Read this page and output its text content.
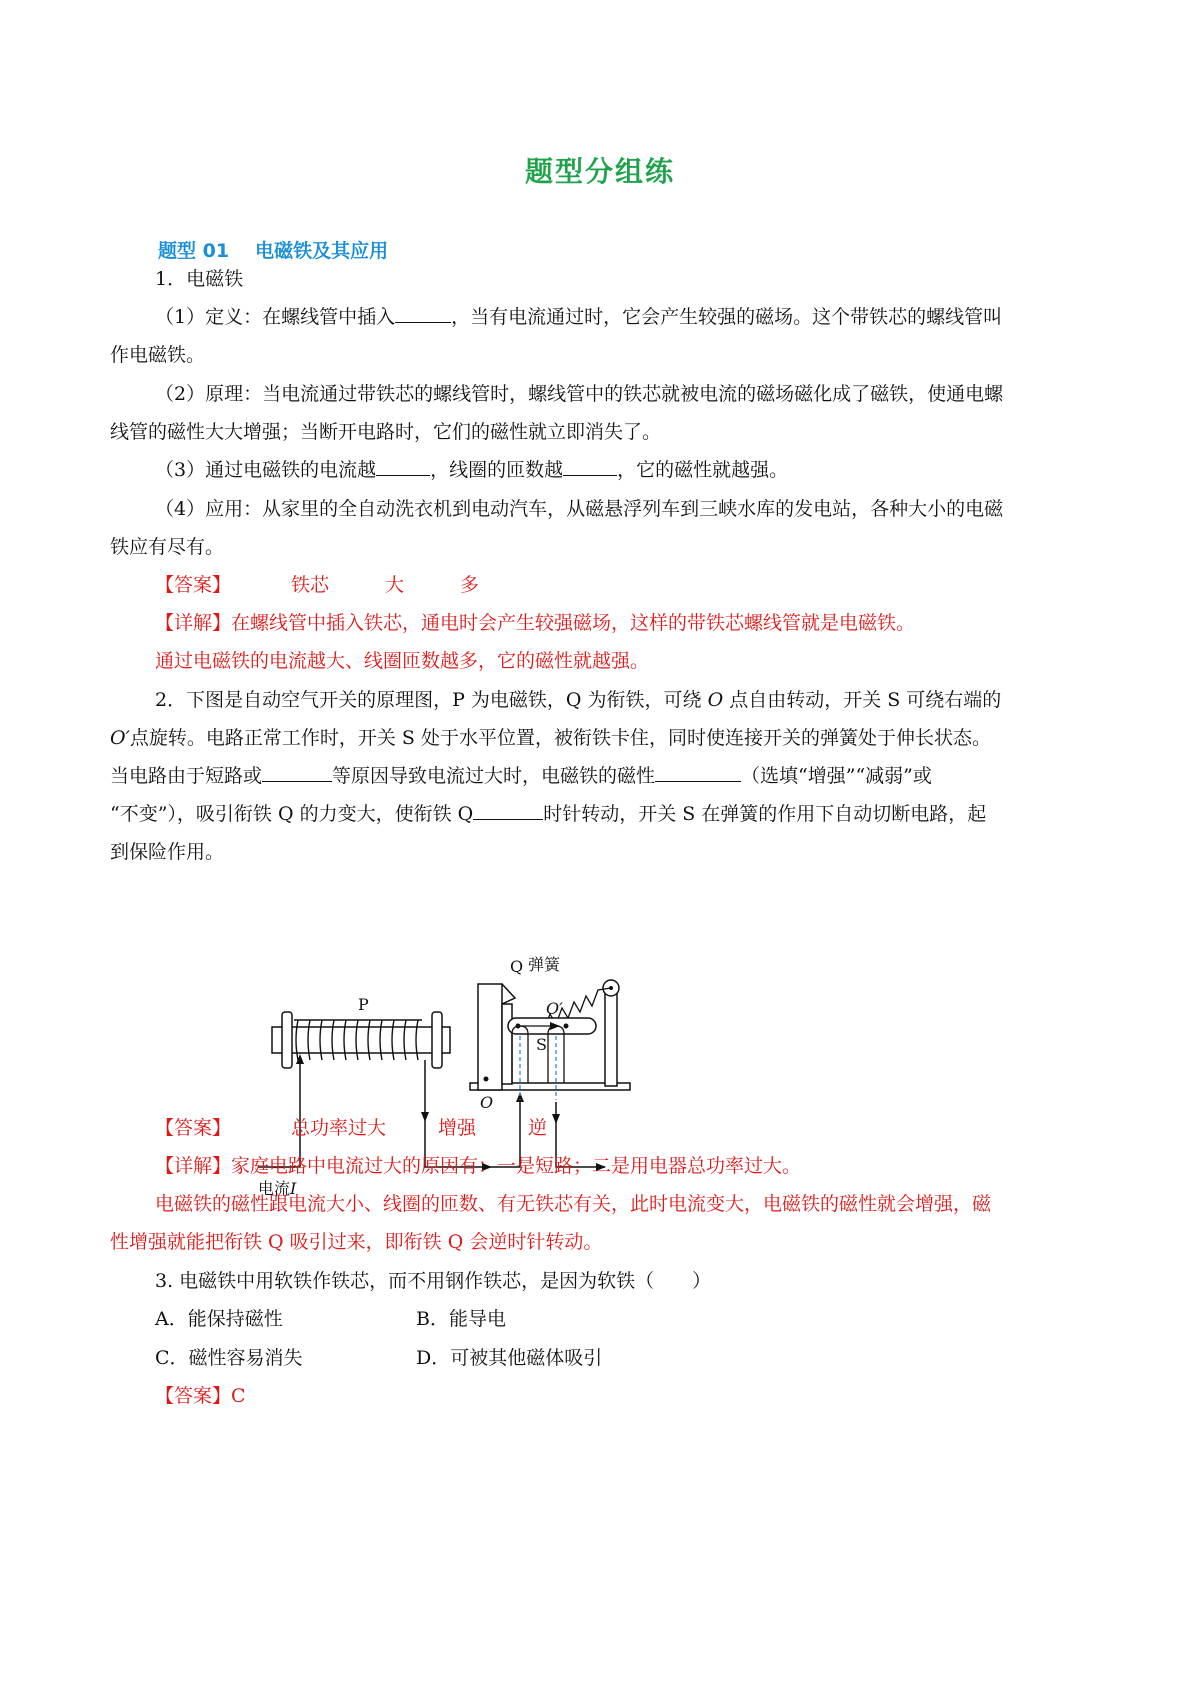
题型分组练
题型 01 电磁铁及其应用
1．电磁铁
（1）定义：在螺线管中插入	，当有电流通过时，它会产生较强的磁场。这个带铁芯的螺线管叫
作电磁铁。
（2）原理：当电流通过带铁芯的螺线管时，螺线管中的铁芯就被电流的磁场磁化成了磁铁，使通电螺
线管的磁性大大增强；当断开电路时，它们的磁性就立即消失了。
（3）通过电磁铁的电流越	，线圈的匝数越	，它的磁性就越强。
（4）应用：从家里的全自动洗衣机到电动汽车，从磁悬浮列车到三峡水库的发电站，各种大小的电磁
铁应有尽有。
【答案】	铁芯	大	多
【详解】在螺线管中插入铁芯，通电时会产生较强磁场，这样的带铁芯螺线管就是电磁铁。
通过电磁铁的电流越大、线圈匝数越多，它的磁性就越强。
2．下图是自动空气开关的原理图，P 为电磁铁，Q 为衔铁，可绕 O 点自由转动，开关 S 可绕右端的
O′点旋转。电路正常工作时，开关 S 处于水平位置，被衔铁卡住，同时使连接开关的弹簧处于伸长状态。
当电路由于短路或	等原因导致电流过大时，电磁铁的磁性	（选填“增强”“减弱”或
“不变”），吸引衔铁 Q 的力变大，使衔铁 Q	时针转动，开关 S 在弹簧的作用下自动切断电路，起
到保险作用。
P
电流I
Q
O
弹簧
O′
S
【答案】	总功率过大	增强	逆
【详解】家庭电路中电流过大的原因有：一是短路；二是用电器总功率过大。
电磁铁的磁性跟电流大小、线圈的匝数、有无铁芯有关，此时电流变大，电磁铁的磁性就会增强，磁
性增强就能把衔铁 Q 吸引过来，即衔铁 Q 会逆时针转动。
3. 电磁铁中用软铁作铁芯，而不用钢作铁芯，是因为软铁（　　）
A．能保持磁性	B．能导电
C．磁性容易消失	D．可被其他磁体吸引
【答案】C
